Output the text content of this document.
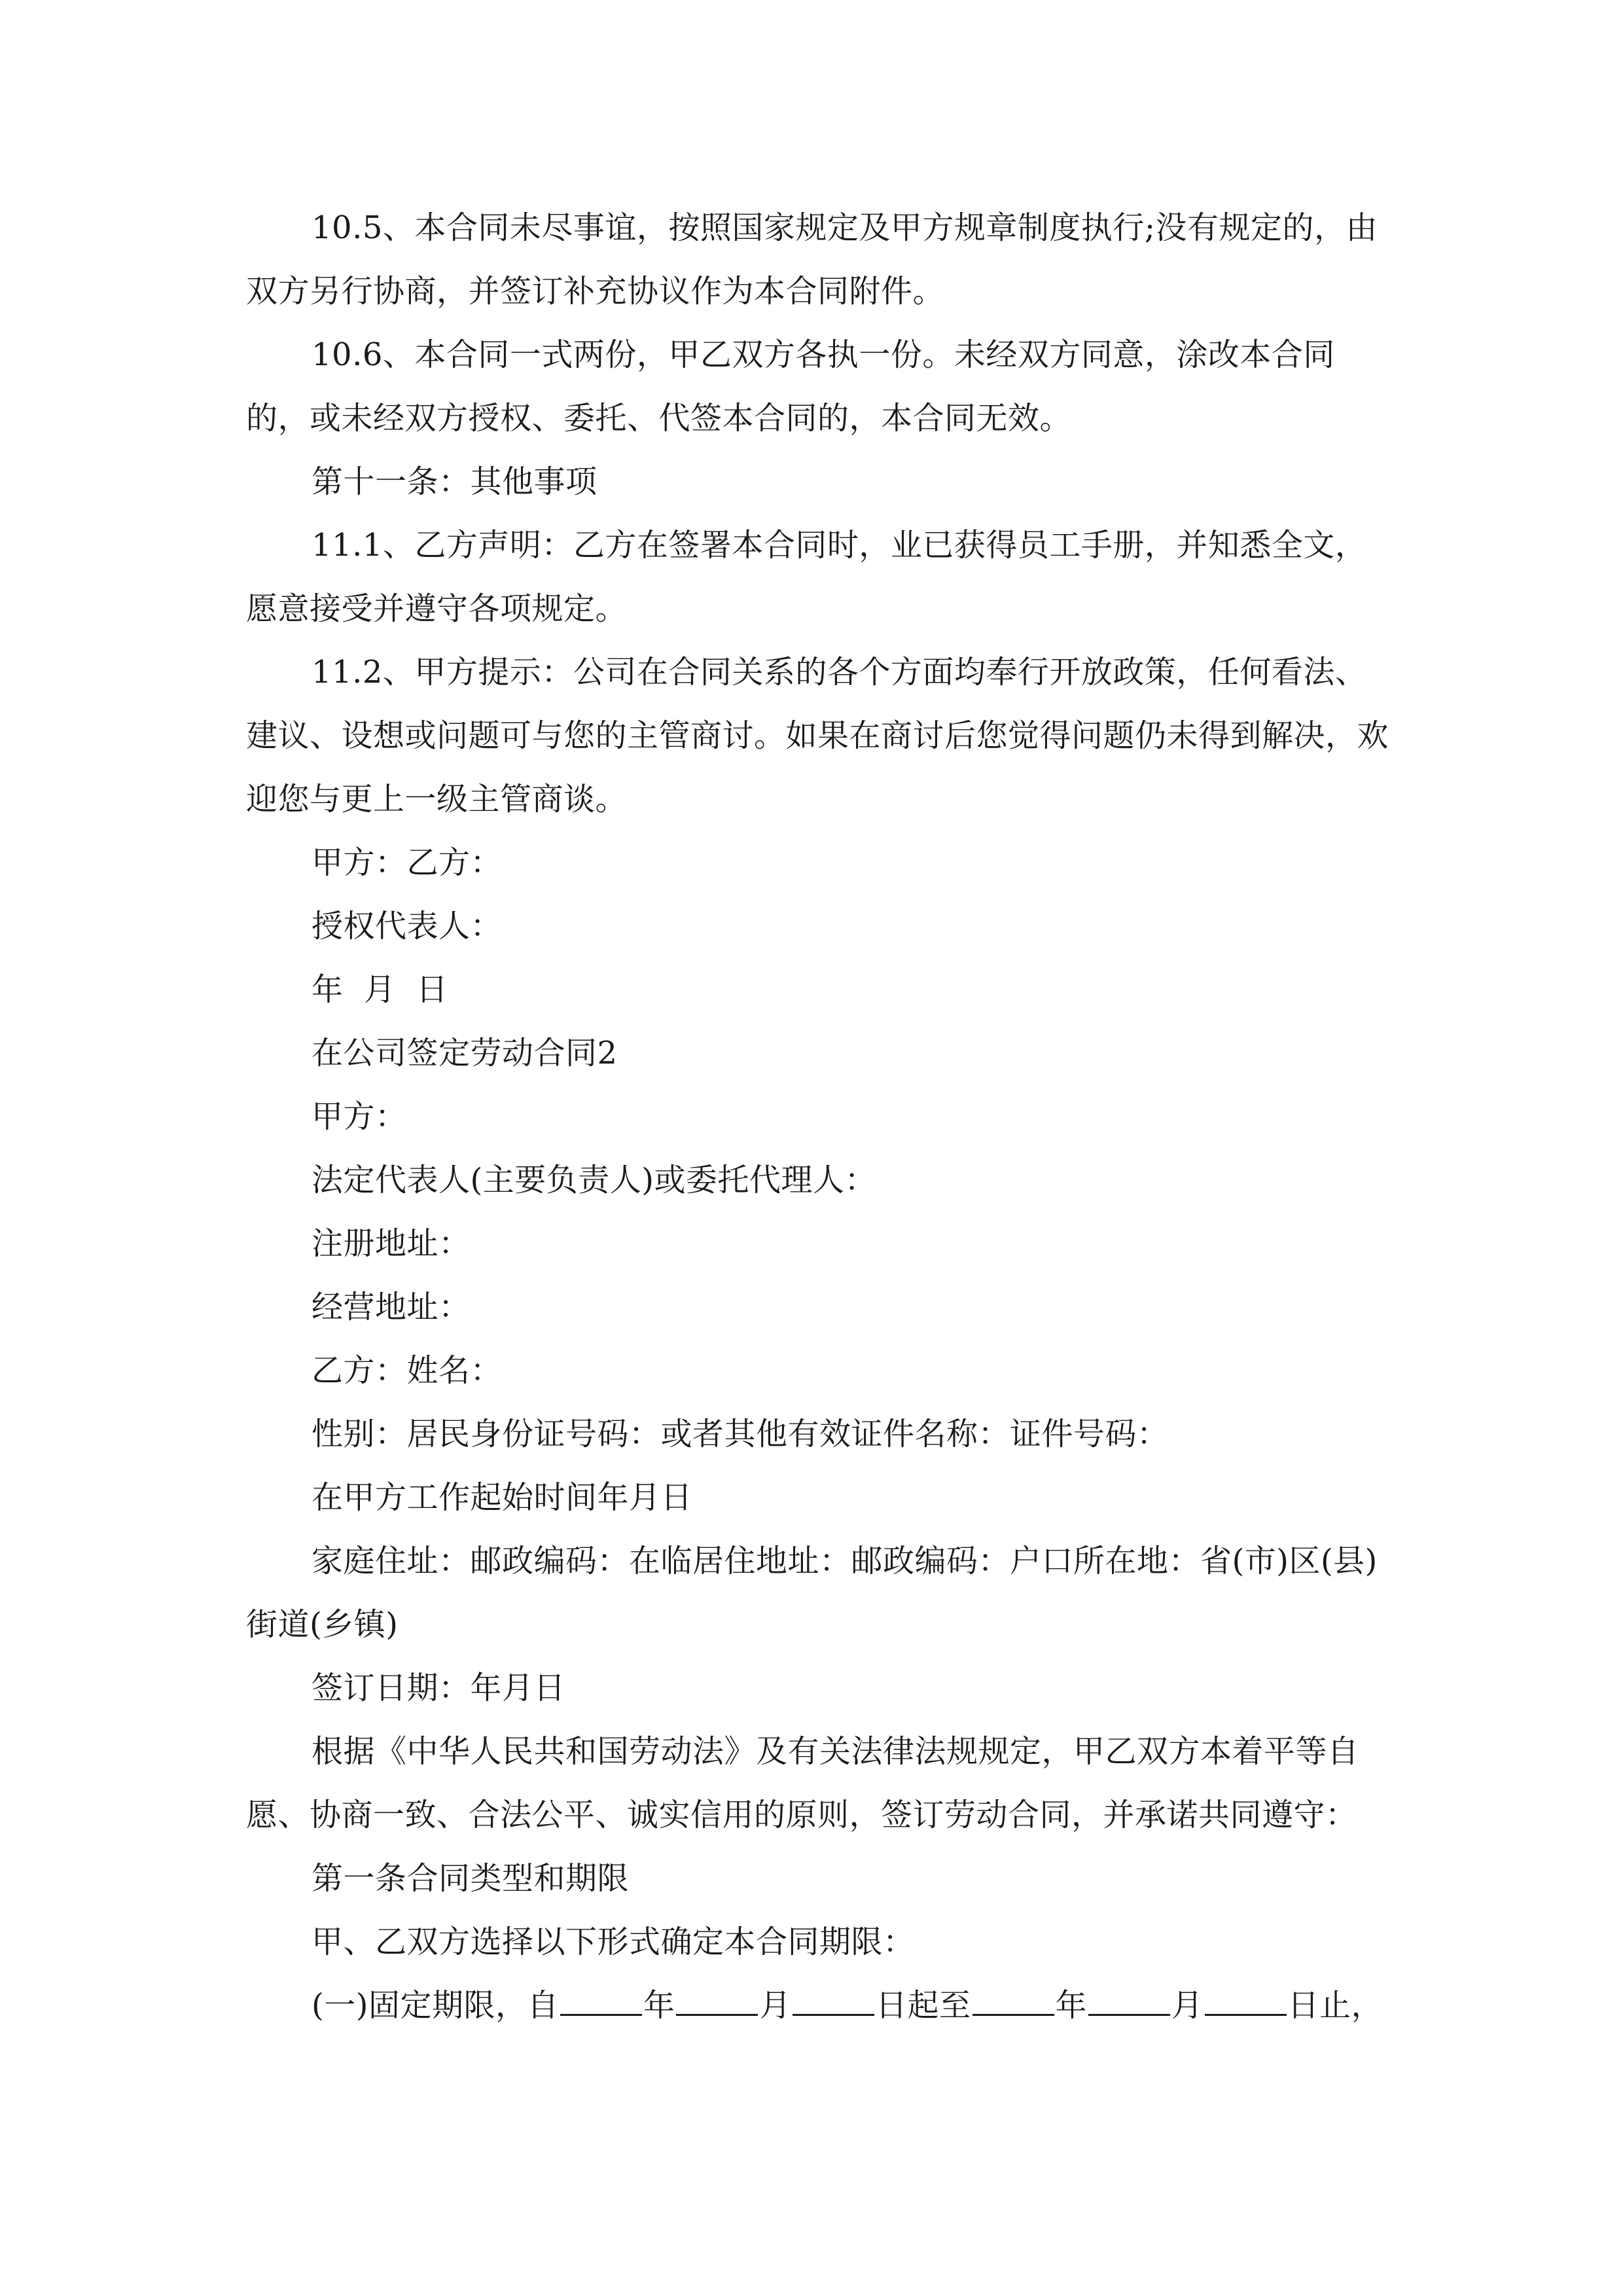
10.5、本合同未尽事谊，按照国家规定及甲方规章制度执行;没有规定的，由双方另行协商，并签订补充协议作为本合同附件。

10.6、本合同一式两份，甲乙双方各执一份。未经双方同意，涂改本合同的，或未经双方授权、委托、代签本合同的，本合同无效。

第十一条：其他事项

11.1、乙方声明：乙方在签署本合同时，业已获得员工手册，并知悉全文，愿意接受并遵守各项规定。

11.2、甲方提示：公司在合同关系的各个方面均奉行开放政策，任何看法、建议、设想或问题可与您的主管商讨。如果在商讨后您觉得问题仍未得到解决，欢迎您与更上一级主管商谈。

甲方：乙方：

授权代表人：

年  月  日

在公司签定劳动合同2

甲方：

法定代表人(主要负责人)或委托代理人：

注册地址：

经营地址：

乙方：姓名：

性别：居民身份证号码：或者其他有效证件名称：证件号码：

在甲方工作起始时间年月日

家庭住址：邮政编码：在临居住地址：邮政编码：户口所在地：省(市)区(县)街道(乡镇)

签订日期：年月日

根据《中华人民共和国劳动法》及有关法律法规规定，甲乙双方本着平等自愿、协商一致、合法公平、诚实信用的原则，签订劳动合同，并承诺共同遵守：

第一条合同类型和期限

甲、乙双方选择以下形式确定本合同期限：

(一)固定期限，自	年	月	日起至	年	月	日止，
